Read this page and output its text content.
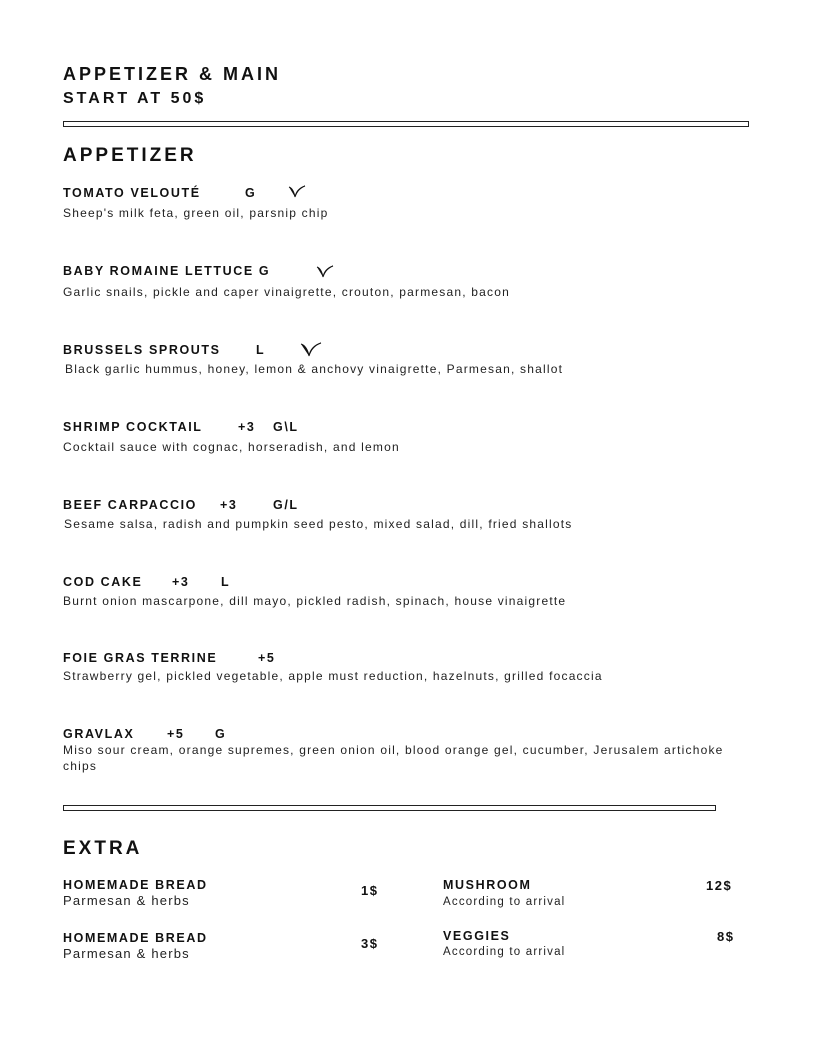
APPETIZER & MAIN
START AT 50$
APPETIZER
TOMATO VELOUTÉ	G
Sheep's milk feta, green oil, parsnip chip
BABY ROMAINE LETTUCE G
Garlic snails, pickle and caper vinaigrette, crouton, parmesan, bacon
BRUSSELS SPROUTS	L
Black garlic hummus, honey, lemon & anchovy vinaigrette, Parmesan, shallot
SHRIMP COCKTAIL	+3 G\L
Cocktail sauce with cognac, horseradish, and lemon
BEEF CARPACCIO +3	G/L
Sesame salsa, radish and pumpkin seed pesto, mixed salad, dill, fried shallots
COD CAKE +3	L
Burnt onion mascarpone, dill mayo, pickled radish, spinach, house vinaigrette
FOIE GRAS TERRINE	+5
Strawberry gel, pickled vegetable, apple must reduction, hazelnuts, grilled focaccia
GRAVLAX	+5 G
Miso sour cream, orange supremes, green onion oil, blood orange gel, cucumber, Jerusalem artichoke chips
EXTRA
HOMEMADE BREAD
Parmesan & herbs
1$	MUSHROOM
According to arrival
12$
HOMEMADE BREAD
Parmesan & herbs
3$	VEGGIES
According to arrival
8$
